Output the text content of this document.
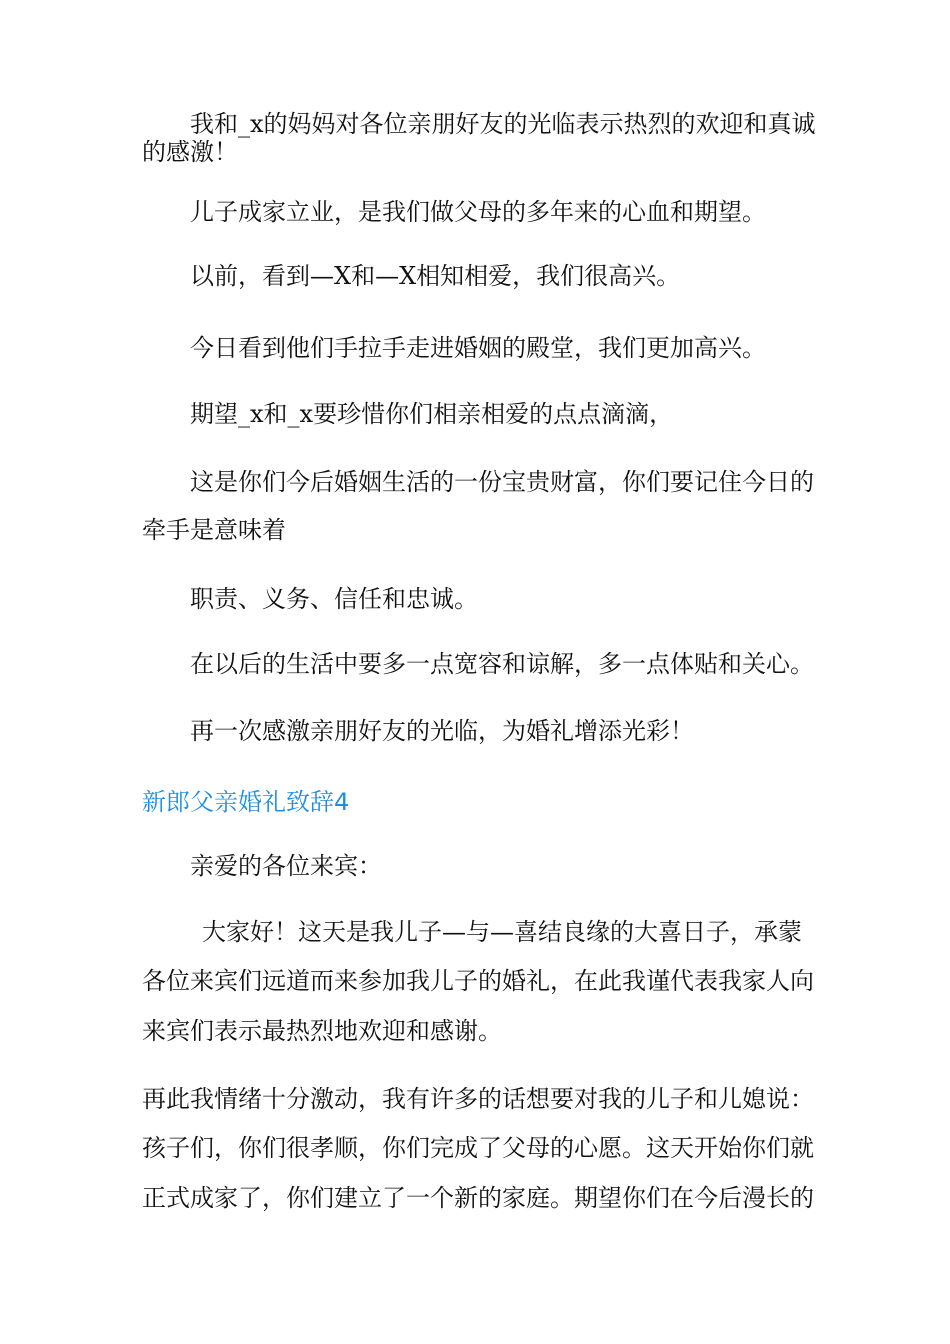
我和_x的妈妈对各位亲朋好友的光临表示热烈的欢迎和真诚
的感激！
儿子成家立业，是我们做父母的多年来的心血和期望。
以前，看到—X和—X相知相爱，我们很高兴。
今日看到他们手拉手走进婚姻的殿堂，我们更加高兴。
期望_x和_x要珍惜你们相亲相爱的点点滴滴，
这是你们今后婚姻生活的一份宝贵财富，你们要记住今日的
牵手是意味着
职责、义务、信任和忠诚。
在以后的生活中要多一点宽容和谅解，多一点体贴和关心。
再一次感激亲朋好友的光临，为婚礼增添光彩！
新郎父亲婚礼致辞4
亲爱的各位来宾：
大家好！这天是我儿子—与—喜结良缘的大喜日子，承蒙
各位来宾们远道而来参加我儿子的婚礼，在此我谨代表我家人向
来宾们表示最热烈地欢迎和感谢。
再此我情绪十分激动，我有许多的话想要对我的儿子和儿媳说：
孩子们，你们很孝顺，你们完成了父母的心愿。这天开始你们就
正式成家了，你们建立了一个新的家庭。期望你们在今后漫长的
